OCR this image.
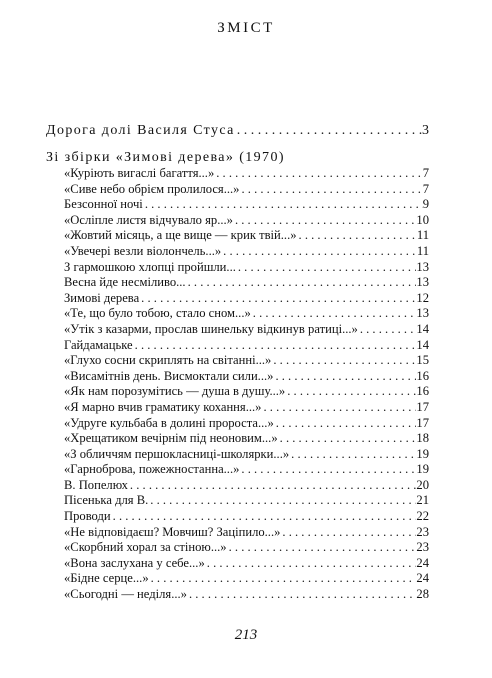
ЗМІСТ
Дорога долі Василя Стуса . . .	3
Зі збірки «Зимові дерева» (1970)
«Куріють вигаслі багаття...» . . .	7
«Сиве небо обрієм пролилося...» . . .	7
Безсонної ночі . . .	9
«Осліпле листя відчувало яр...» . . .	10
«Жовтий місяць, а ще вище — крик твій...» . . .	11
«Увечері везли віолончель...» . . .	11
З гармошкою хлопці пройшли... . . .	13
Весна йде несміливо... . . .	13
Зимові дерева . . .	12
«Те, що було тобою, стало сном...» . . .	13
«Утік з казарми, прослав шинельку відкинув ратиці...» . . .	14
Гайдамацьке . . .	14
«Глухо сосни скриплять на світанні...» . . .	15
«Висамітнів день. Висмоктали сили...» . . .	16
«Як нам порозумітись — душа в душу...» . . .	16
«Я марно вчив граматику кохання...» . . .	17
«Удруге кульбаба в долині пророста...» . . .	17
«Хрещатиком вечірнім під неоновим...» . . .	18
«З обличчям першокласниці-школярки...» . . .	19
«Гарноброва, пожежностанна...» . . .	19
В. Попелюх . . .	20
Пісенька для В. . . .	21
Проводи . . .	22
«Не відповідаєш? Мовчиш? Заціпило...» . . .	23
«Скорбний хорал за стіною...» . . .	23
«Вона заслухана у себе...» . . .	24
«Бідне серце...» . . .	24
«Сьогодні — неділя...» . . .	28
213
